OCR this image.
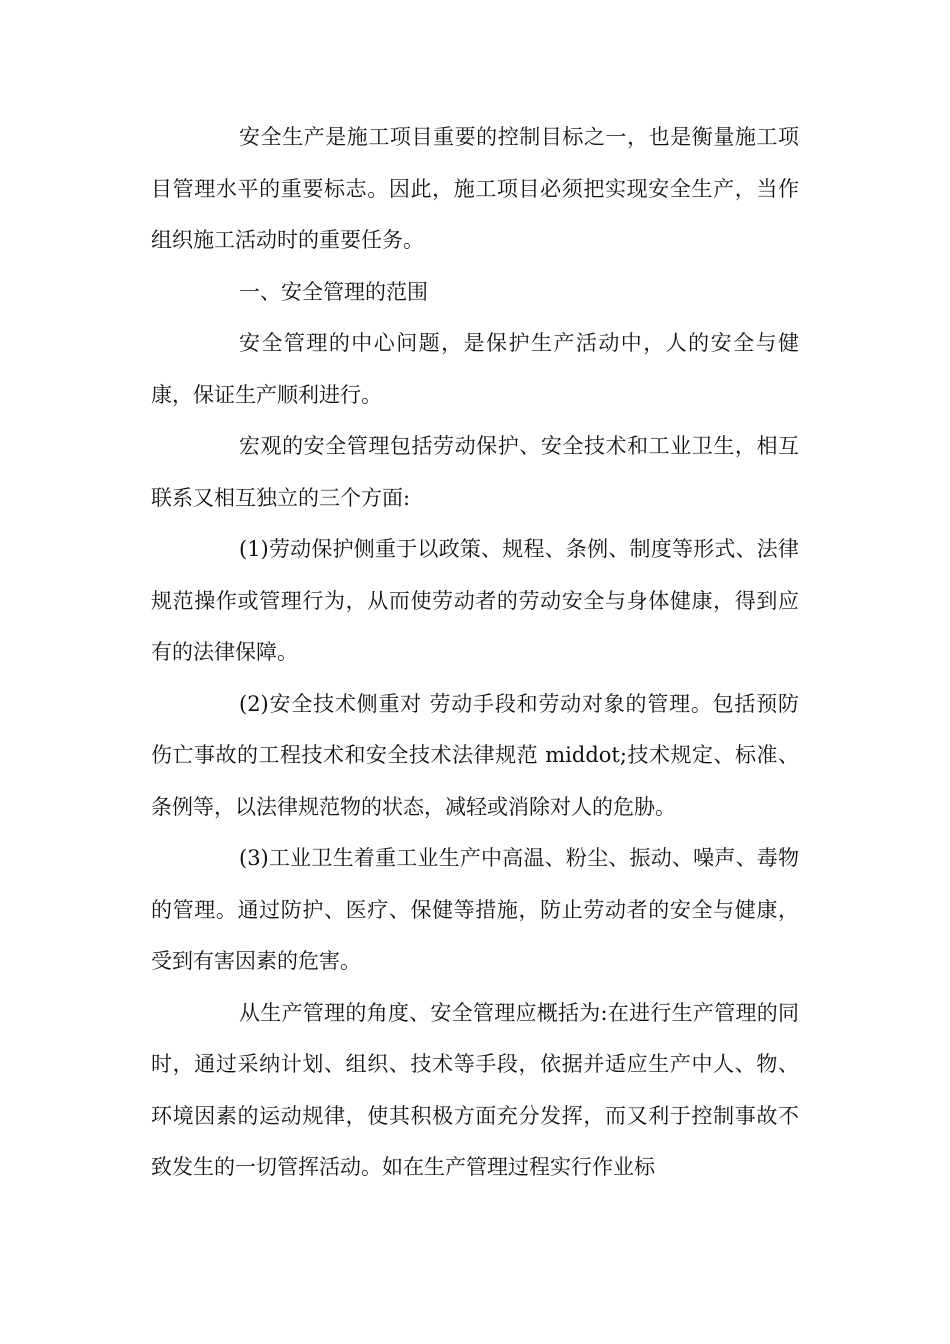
安全生产是施工项目重要的控制目标之一，也是衡量施工项目管理水平的重要标志。因此，施工项目必须把实现安全生产，当作组织施工活动时的重要任务。

一、安全管理的范围

安全管理的中心问题，是保护生产活动中，人的安全与健康，保证生产顺利进行。

宏观的安全管理包括劳动保护、安全技术和工业卫生，相互联系又相互独立的三个方面:

(1)劳动保护侧重于以政策、规程、条例、制度等形式、法律规范操作或管理行为，从而使劳动者的劳动安全与身体健康，得到应有的法律保障。

(2)安全技术侧重对 劳动手段和劳动对象的管理。包括预防伤亡事故的工程技术和安全技术法律规范 middot;技术规定、标准、条例等，以法律规范物的状态，减轻或消除对人的危胁。

(3)工业卫生着重工业生产中高温、粉尘、振动、噪声、毒物的管理。通过防护、医疗、保健等措施，防止劳动者的安全与健康，受到有害因素的危害。

从生产管理的角度、安全管理应概括为:在进行生产管理的同时，通过采纳计划、组织、技术等手段，依据并适应生产中人、物、环境因素的运动规律，使其积极方面充分发挥，而又利于控制事故不致发生的一切管挥活动。如在生产管理过程实行作业标
